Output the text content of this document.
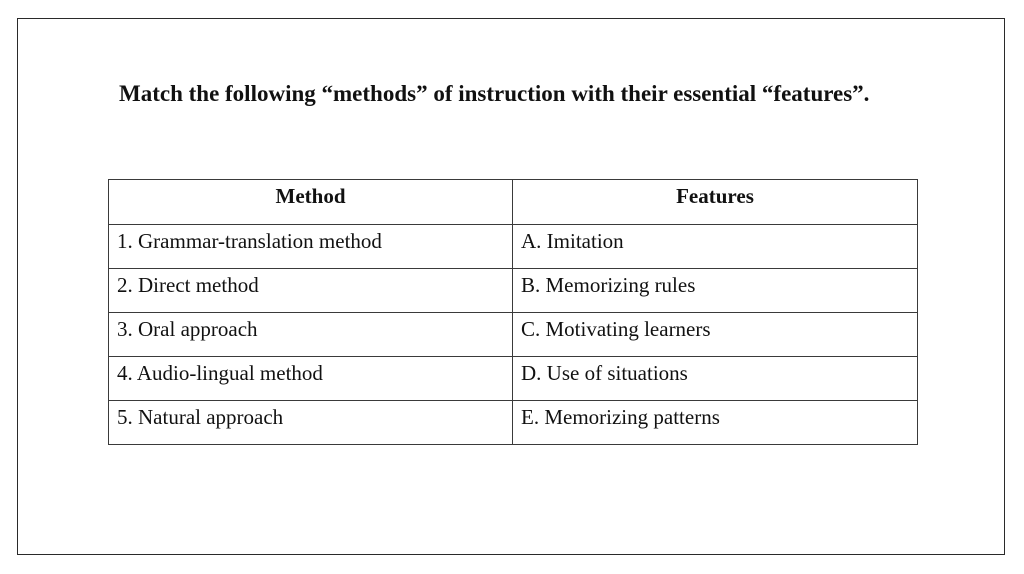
Match the following “methods” of instruction with their essential “features”.

Method	Features
1. Grammar-translation method	A. Imitation
2. Direct method	B. Memorizing rules
3. Oral approach	C. Motivating learners
4. Audio-lingual method	D. Use of situations
5. Natural approach	E. Memorizing patterns
